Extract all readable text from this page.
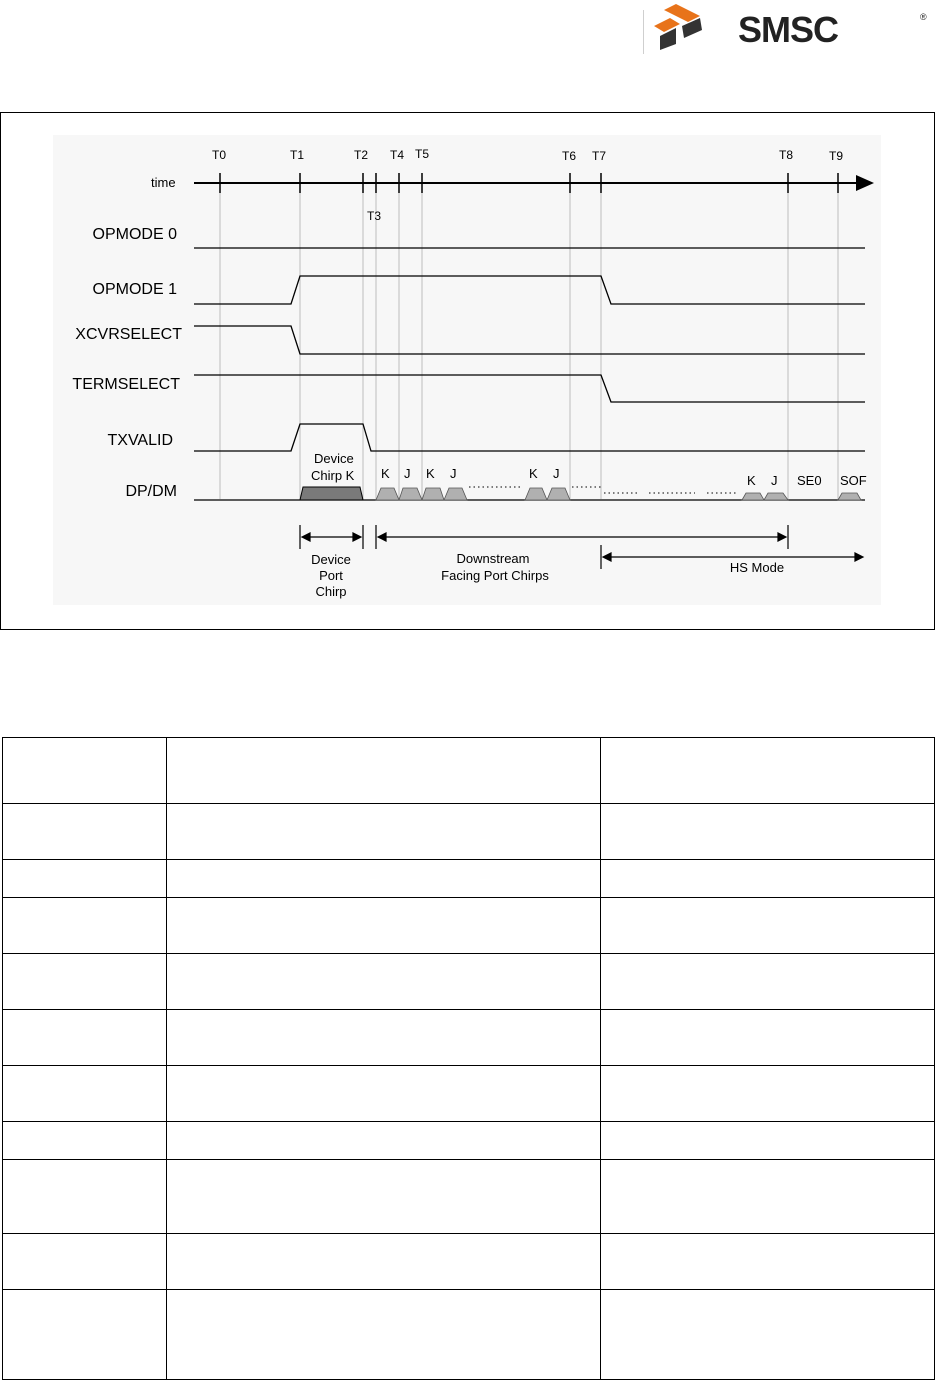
SMSC	®
time
T0	T1	T2
T3
T4 T5	T6 T7	T8	T9
OPMODE 0
OPMODE 1
XCVRSELECT
TERMSELECT
TXVALID
DP/DM
Device
Chirp K K J K J	K J	K J SE0 SOF
Device
Port
Chirp
Downstream
Facing Port Chirps
HS Mode
